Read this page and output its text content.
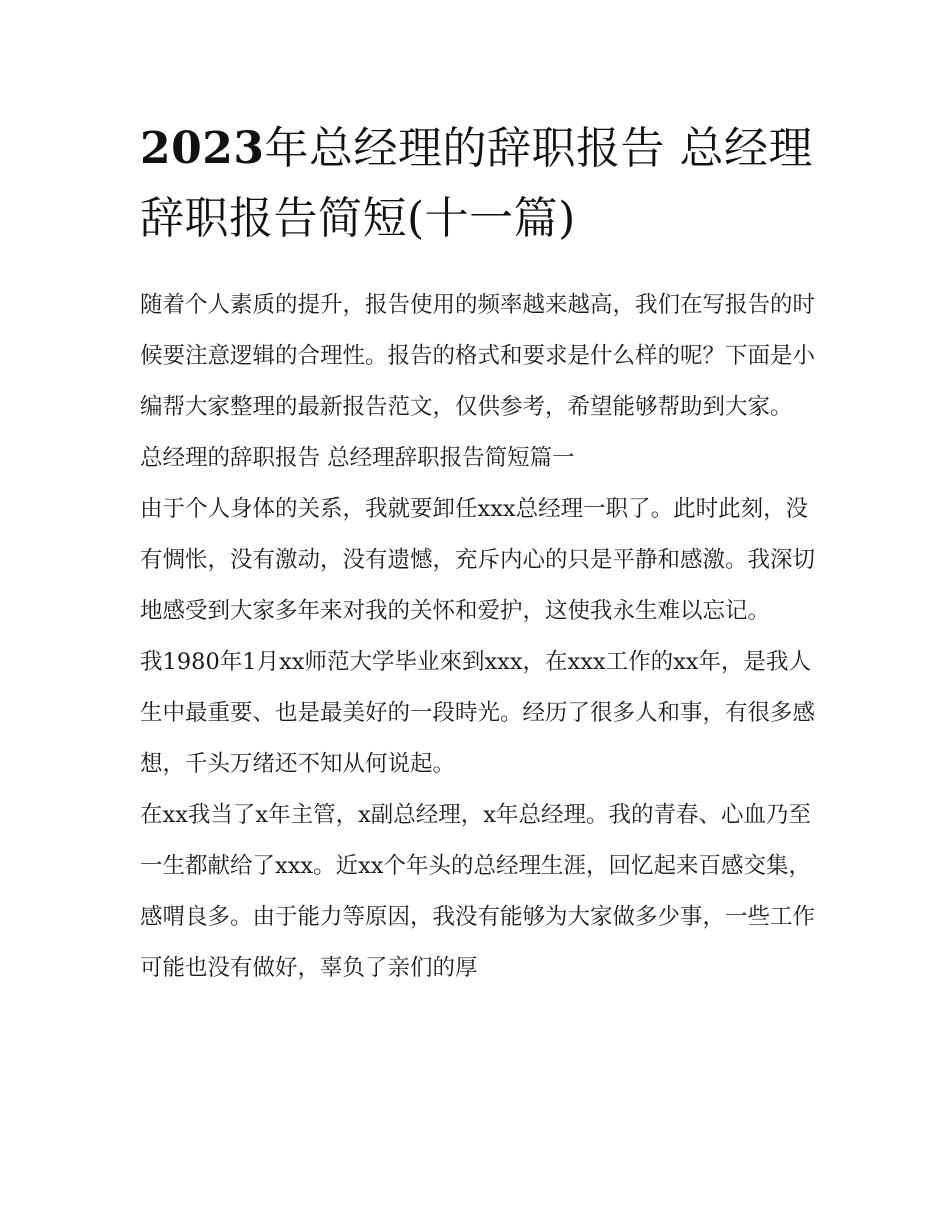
2023年总经理的辞职报告 总经理辞职报告简短(十一篇)

随着个人素质的提升，报告使用的频率越来越高，我们在写报告的时候要注意逻辑的合理性。报告的格式和要求是什么样的呢？下面是小编帮大家整理的最新报告范文，仅供参考，希望能够帮助到大家。

总经理的辞职报告 总经理辞职报告简短篇一

由于个人身体的关系，我就要卸任xxx总经理一职了。此时此刻，没有惆怅，没有激动，没有遗憾，充斥内心的只是平静和感激。我深切地感受到大家多年来对我的关怀和爱护，这使我永生难以忘记。

我1980年1月xx师范大学毕业來到xxx，在xxx工作的xx年，是我人生中最重要、也是最美好的一段時光。经历了很多人和事，有很多感想，千头万绪还不知从何说起。

在xx我当了x年主管，x副总经理，x年总经理。我的青春、心血乃至一生都献给了xxx。近xx个年头的总经理生涯，回忆起来百感交集，感喟良多。由于能力等原因，我没有能够为大家做多少事，一些工作可能也没有做好，辜负了亲们的厚
